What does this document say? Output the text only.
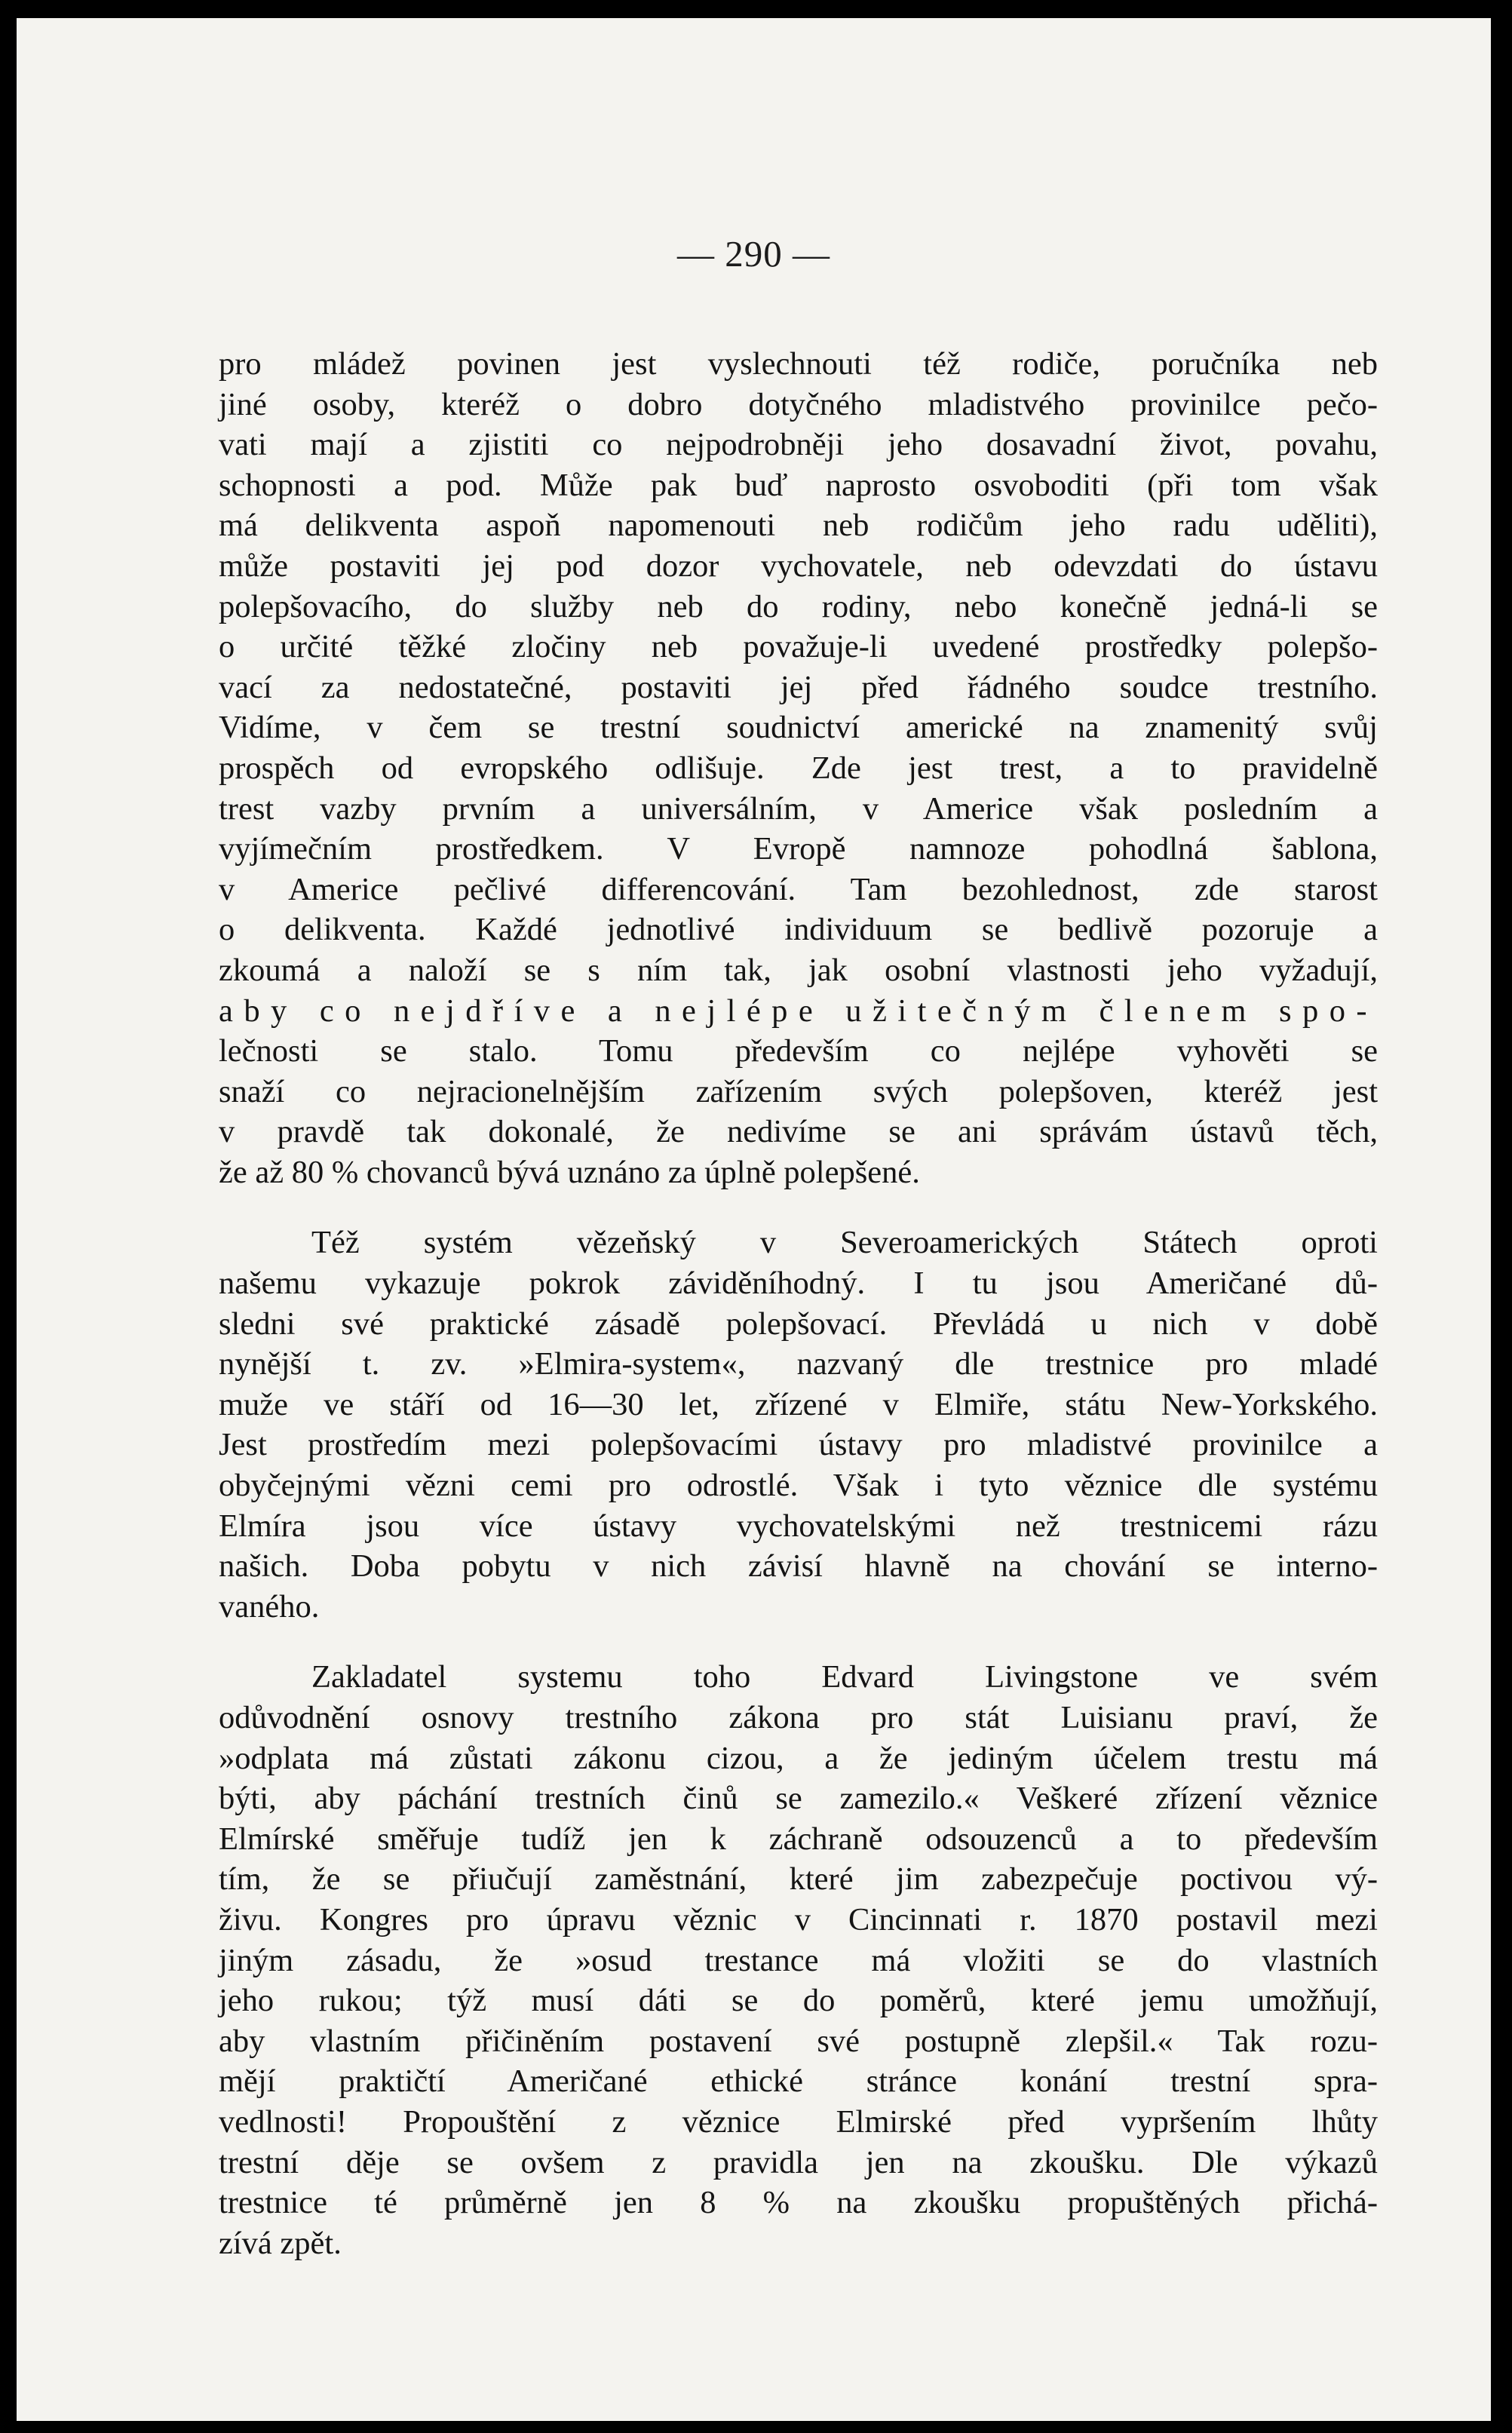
— 290 —
pro mládež povinen jest vyslechnouti též rodiče, poručníka neb
jiné osoby, kteréž o dobro dotyčného mladistvého provinilce pečo-
vati mají a zjistiti co nejpodrobněji jeho dosavadní život, povahu,
schopnosti a pod. Může pak buď naprosto osvoboditi (při tom však
má delikventa aspoň napomenouti neb rodičům jeho radu uděliti),
může postaviti jej pod dozor vychovatele, neb odevzdati do ústavu
polepšovacího, do služby neb do rodiny, nebo konečně jedná-li se
o určité těžké zločiny neb považuje-li uvedené prostředky polepšo-
vací za nedostatečné, postaviti jej před řádného soudce trestního.
Vidíme, v čem se trestní soudnictví americké na znamenitý svůj
prospěch od evropského odlišuje. Zde jest trest, a to pravidelně
trest vazby prvním a universálním, v Americe však posledním a
vyjímečním prostředkem. V Evropě namnoze pohodlná šablona,
v Americe pečlivé differencování. Tam bezohlednost, zde starost
o delikventa. Každé jednotlivé individuum se bedlivě pozoruje a
zkoumá a naloží se s ním tak, jak osobní vlastnosti jeho vyžadují,
aby co nejdříve a nejlépe užitečným členem spo-
lečnosti se stalo. Tomu především co nejlépe vyhověti se
snaží co nejracionelnějším zařízením svých polepšoven, kteréž jest
v pravdě tak dokonalé, že nedivíme se ani správám ústavů těch,
že až 80 % chovanců bývá uznáno za úplně polepšené.
Též systém vězeňský v Severoamerických Státech oproti
našemu vykazuje pokrok záviděníhodný. I tu jsou Američané dů-
sledni své praktické zásadě polepšovací. Převládá u nich v době
nynější t. zv. »Elmira-system«, nazvaný dle trestnice pro mladé
muže ve stáří od 16—30 let, zřízené v Elmiře, státu New-Yorkského.
Jest prostředím mezi polepšovacími ústavy pro mladistvé provinilce a
obyčejnými vězni cemi pro odrostlé. Však i tyto věznice dle systému
Elmíra jsou více ústavy vychovatelskými než trestnicemi rázu
našich. Doba pobytu v nich závisí hlavně na chování se interno-
vaného.
Zakladatel systemu toho Edvard Livingstone ve svém
odůvodnění osnovy trestního zákona pro stát Luisianu praví, že
»odplata má zůstati zákonu cizou, a že jediným účelem trestu má
býti, aby páchání trestních činů se zamezilo.« Veškeré zřízení věznice
Elmírské směřuje tudíž jen k záchraně odsouzenců a to především
tím, že se přiučují zaměstnání, které jim zabezpečuje poctivou vý-
živu. Kongres pro úpravu věznic v Cincinnati r. 1870 postavil mezi
jiným zásadu, že »osud trestance má vložiti se do vlastních
jeho rukou; týž musí dáti se do poměrů, které jemu umožňují,
aby vlastním přičiněním postavení své postupně zlepšil.« Tak rozu-
mějí praktičtí Američané ethické stránce konání trestní spra-
vedlnosti! Propouštění z věznice Elmirské před vypršením lhůty
trestní děje se ovšem z pravidla jen na zkoušku. Dle výkazů
trestnice té průměrně jen 8 % na zkoušku propuštěných přichá-
zívá zpět.
